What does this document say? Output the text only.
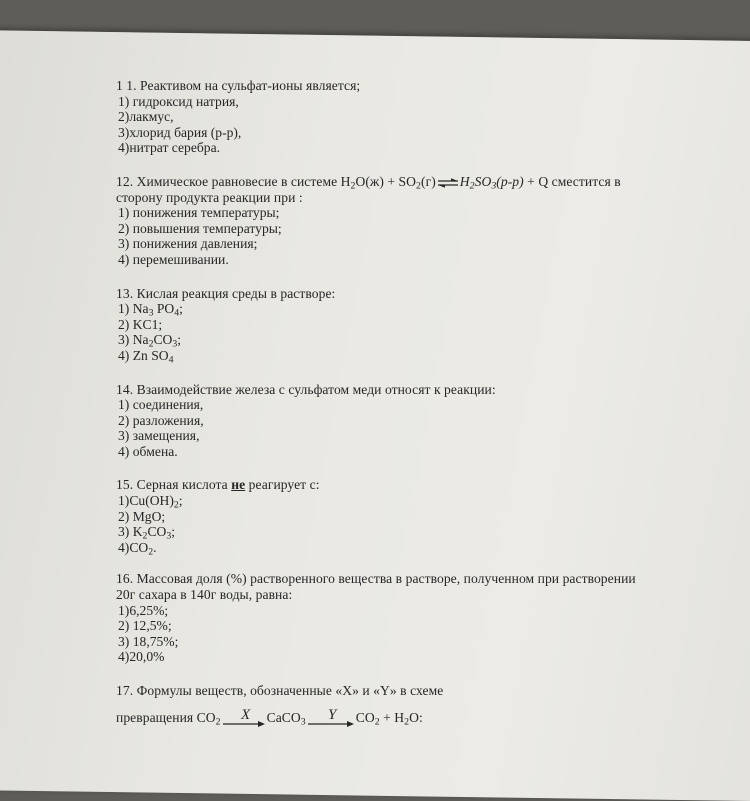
1 1. Реактивом на сульфат-ионы является;
1) гидроксид натрия,
2)лакмус,
3)хлорид бария (р-р),
4)нитрат серебра.
12. Химическое равновесие в системе $H_2O(ж)$ + $SO_2(г)\rightleftharpoons H_2SO_3(р-р) + Q$ сместится в
сторону продукта реакции при :
1) понижения температуры;
2) повышения температуры;
3) понижения давления;
4) перемешивании.
13. Кислая реакция среды в растворе:
1) $Na_3$ $PO_4$;
2) KC1;
3) $Na_2CO_3$;
4) Zn $SO_4$
14. Взаимодействие железа с сульфатом меди относят к реакции:
1) соединения,
2) разложения,
3) замещения,
4) обмена.
15. Серная кислота не реагирует с:
$1)Cu(OH)_2$;
2) MgO;
3) $K_2CO_3$;
$4)CO_2$.
16. Массовая доля (%) растворенного вещества в растворе, полученном при растворении
20г сахара в 140г воды, равна:
1)6,25%;
2) 12,5%;
3) 18,75%;
4)20,0%
17. Формулы веществ, обозначенные «X» и «Y» в схеме
превращения $CO_2$ X CaCO$_3$ Y $CO_2 + H_2O$:
